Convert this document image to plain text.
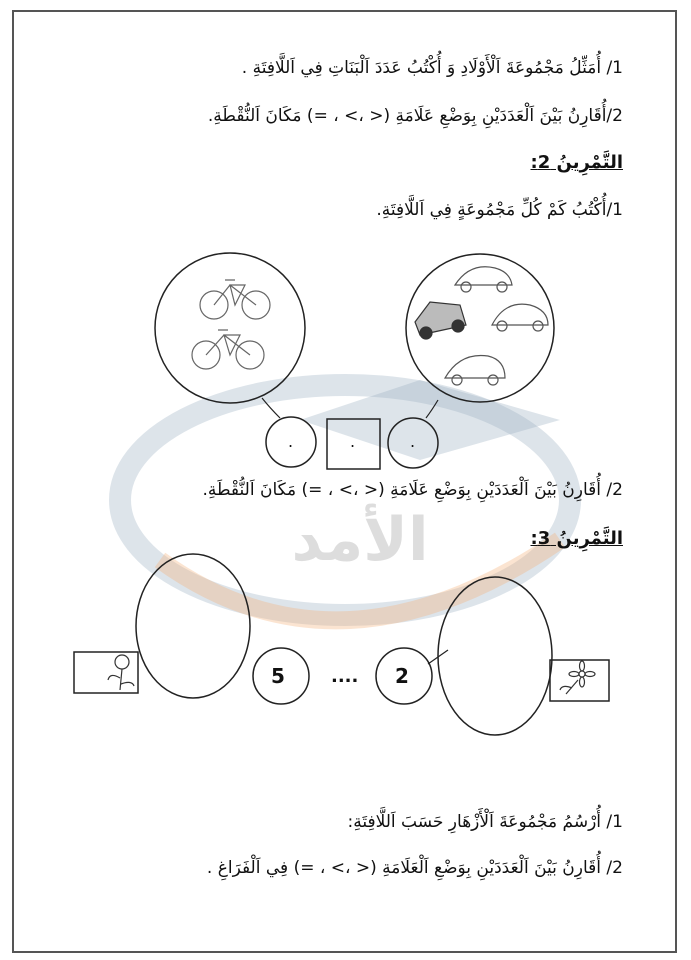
الأمد
1/ أُمَثِّلُ مَجْمُوعَةَ اَلْأَوْلَادِ وَ أُكْتُبُ عَدَدَ اَلْبَنَاتِ فِي اَللَّافِتَةِ .
2/أُقَارِنُ بَيْنَ اَلْعَدَدَيْنِ بِوَضْعِ عَلَامَةِ (< ،> ، =) مَكَانَ اَلنُّقْطَةِ.
التَّمْرِينُ 2:
1/أُكْتُبُ كَمْ كُلِّ مَجْمُوعَةٍ فِي اَللَّافِتَةِ.
.	.	.
2/ أُقَارِنُ بَيْنَ اَلْعَدَدَيْنِ بِوَضْعِ عَلَامَةِ (< ،> ، =) مَكَانَ اَلنُّقْطَةِ.
التَّمْرِينُ 3:
5	.... 2
1/ أُرْسُمُ مَجْمُوعَةَ اَلْأَزْهَارِ حَسَبَ اَللَّافِتَةِ:
2/ أُقَارِنُ بَيْنَ اَلْعَدَدَيْنِ بِوَضْعِ اَلْعَلَامَةِ (< ،> ، =) فِي اَلْفَرَاغِ .
